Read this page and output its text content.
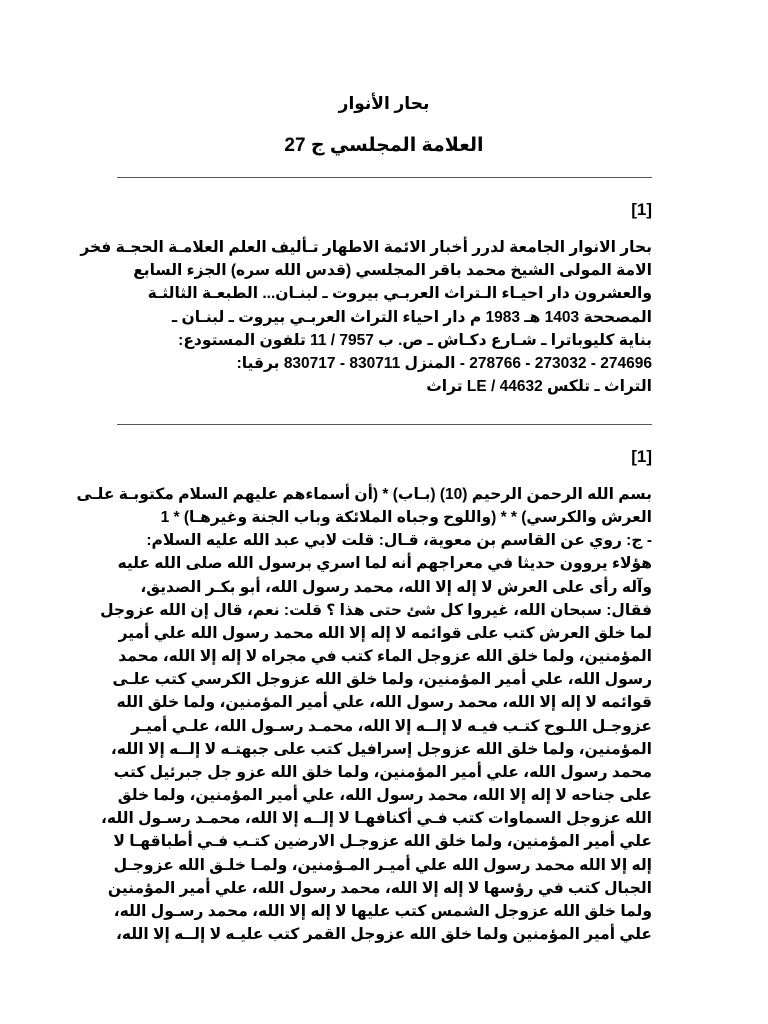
بحار الأنوار
العلامة المجلسي ج 27
[1]
بحار الانوار الجامعة لدرر أخبار الائمة الاطهار تـأليف العلم العلامـة الحجـة فخر
الامة المولى الشيخ محمد باقر المجلسي (قدس الله سره) الجزء السابع
والعشرون دار احيـاء الـتراث العربـي بيروت ـ لبنـان... الطبعـة الثالثـة
المصححة 1403 هـ 1983 م دار احياء التراث العربـي بيروت ـ لبنـان ـ
بناية كليوباترا ـ شـارع دكـاش ـ ص. ب 7957 / 11 تلفون المستودع:
274696 - 273032 - 278766 - المنزل 830711 - 830717 برقيا:
التراث ـ تلكس LE / 44632 تراث
[1]
بسم الله الرحمن الرحيم (10) (بـاب) * (أن أسماءهم عليهم السلام مكتوبـة علـى
العرش والكرسي) * * (واللوح وجباه الملائكة وباب الجنة وغيرهـا) * 1
- ج: روي عن القاسم بن معوية، قـال: قلت لابي عبد الله عليه السلام:
هؤلاء يروون حديثا في معراجهم أنه لما اسري برسول الله صلى الله عليه
وآله رأى على العرش لا إله إلا الله، محمد رسول الله، أبو بكـر الصديق،
فقال: سبحان الله، غيروا كل شئ حتى هذا ؟ قلت: نعم، قال إن الله عزوجل
لما خلق العرش كتب على قوائمه لا إله إلا الله محمد رسول الله علي أمير
المؤمنين، ولما خلق الله عزوجل الماء كتب في مجراه لا إله إلا الله، محمد
رسول الله، علي أمير المؤمنين، ولما خلق الله عزوجل الكرسي كتب علـى
قوائمه لا إله إلا الله، محمد رسول الله، علي أمير المؤمنين، ولما خلق الله
عزوجـل اللـوح كتـب فيـه لا إلــه إلا الله، محمـد رسـول الله، علـي أميـر
المؤمنين، ولما خلق الله عزوجل إسرافيل كتب على جبهتـه لا إلــه إلا الله،
محمد رسول الله، علي أمير المؤمنين، ولما خلق الله عزو جل جبرئيل كتب
على جناحه لا إله إلا الله، محمد رسول الله، علي أمير المؤمنين، ولما خلق
الله عزوجل السماوات كتب فـي أكنافهـا لا إلــه إلا الله، محمـد رسـول الله،
علي أمير المؤمنين، ولما خلق الله عزوجـل الارضين كتـب فـي أطباقهـا لا
إله إلا الله محمد رسول الله علي أميـر المـؤمنين، ولمـا خلـق الله عزوجـل
الجبال كتب في رؤسها لا إله إلا الله، محمد رسول الله، علي أمير المؤمنين
ولما خلق الله عزوجل الشمس كتب عليها لا إله إلا الله، محمد رسـول الله،
علي أمير المؤمنين ولما خلق الله عزوجل القمر كتب عليـه لا إلــه إلا الله،
